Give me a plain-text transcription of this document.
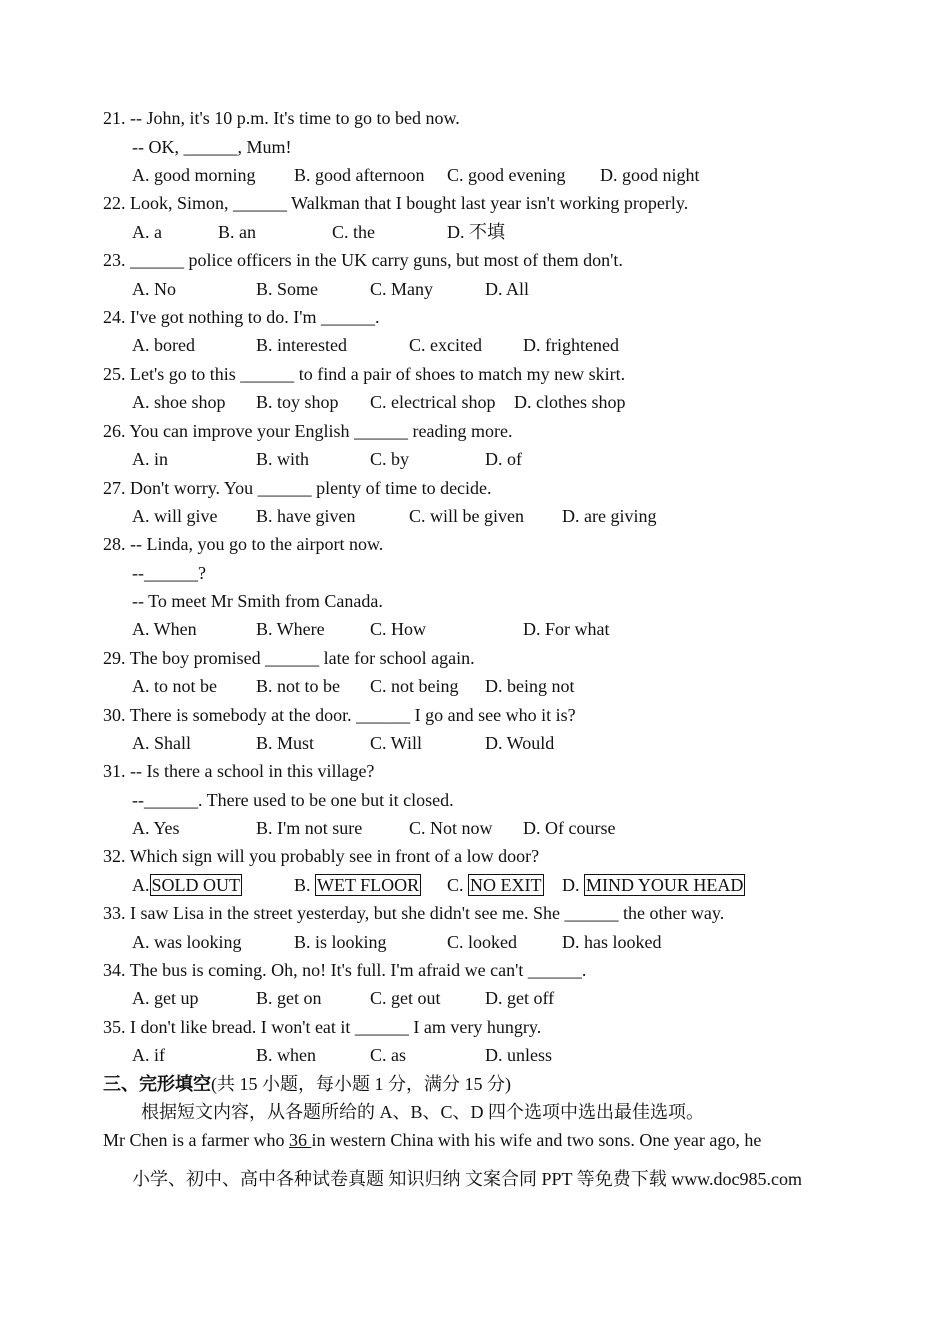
21. -- John, it's 10 p.m. It's time to go to bed now.
-- OK, ______, Mum!
A. good morning B. good afternoon C. good evening D. good night
22. Look, Simon, ______ Walkman that I bought last year isn't working properly.
A. a	B. an	C. the	D. 不填
23. ______ police officers in the UK carry guns, but most of them don't.
A. No	B. Some	C. Many	D. All
24. I've got nothing to do. I'm ______.
A. bored	B. interested	C. excited D. frightened
25. Let's go to this ______ to find a pair of shoes to match my new skirt.
A. shoe shop B. toy shop C. electrical shop D. clothes shop
26. You can improve your English ______ reading more.
A. in	B. with	C. by	D. of
27. Don't worry. You ______ plenty of time to decide.
A. will give B. have given	C. will be given D. are giving
28. -- Linda, you go to the airport now.
--______?
-- To meet Mr Smith from Canada.
A. When	B. Where	C. How	D. For what
29. The boy promised ______ late for school again.
A. to not be B. not to be C. not being D. being not
30. There is somebody at the door. ______ I go and see who it is?
A. Shall	B. Must	C. Will	D. Would
31. -- Is there a school in this village?
--______. There used to be one but it closed.
A. Yes	B. I'm not sure	C. Not now D. Of course
32. Which sign will you probably see in front of a low door?
A. SOLD OUT	B. WET FLOOR C. NO EXIT D. MIND YOUR HEAD
33. I saw Lisa in the street yesterday, but she didn't see me. She ______ the other way.
A. was looking	B. is looking	C. looked	D. has looked
34. The bus is coming. Oh, no! It's full. I'm afraid we can't ______.
A. get up	B. get on	C. get out D. get off
35. I don't like bread. I won't eat it ______ I am very hungry.
A. if	B. when	C. as	D. unless
三、完形填空(共 15 小题，每小题 1 分，满分 15 分)
根据短文内容，从各题所给的 A、B、C、D 四个选项中选出最佳选项。
Mr Chen is a farmer who 36 in western China with his wife and two sons. One year ago, he
小学、初中、高中各种试卷真题 知识归纳 文案合同 PPT 等免费下载 www.doc985.com
